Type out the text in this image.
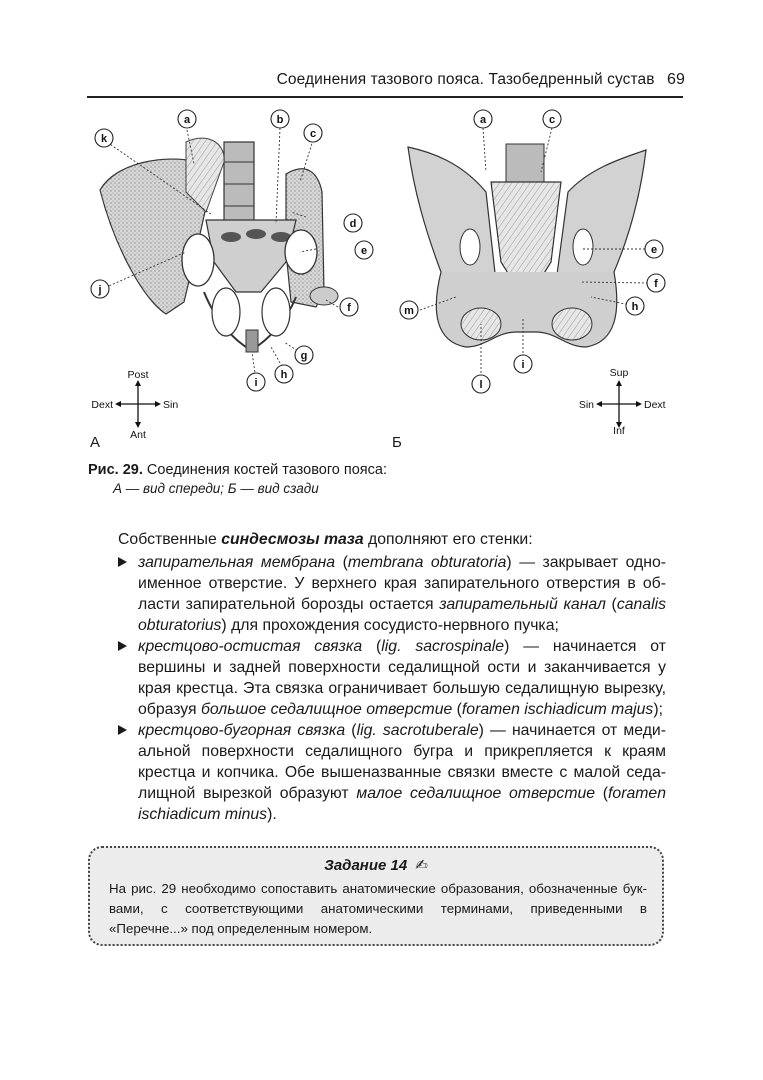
Соединения тазового пояса. Тазобедренный сустав 69
a	b
c
d
e
f
g
h
i
j
k
Post
Ant
Dext	Sin
a	c
e
f
h
m
l
i
Sup
Inf
Sin	Dext
А	Б
Рис. 29. Соединения костей тазового пояса:
А — вид спереди; Б — вид сзади

Собственные синдесмозы таза дополняют его стенки:

запирательная мембрана (membrana obturatoria) — закрывает одноименное отверстие. У верхнего края запирательного отверстия в области запирательной борозды остается запирательный канал (canalis obturatorius) для прохождения сосудисто-нервного пучка;
крестцово-остистая связка (lig. sacrospinale) — начинается от вершины и задней поверхности седалищной ости и заканчивается у края крестца. Эта связка ограничивает большую седалищную вырезку, образуя большое седалищное отверстие (foramen ischiadicum majus);
крестцово-бугорная связка (lig. sacrotuberale) — начинается от медиальной поверхности седалищного бугра и прикрепляется к краям крестца и копчика. Обе вышеназванные связки вместе с малой седалищной вырезкой образуют малое седалищное отверстие (foramen ischiadicum minus).
Задание 14 ✍
На рис. 29 необходимо сопоставить анатомические образования, обозначенные буквами, с соответствующими анатомическими терминами, приведенными в «Перечне...» под определенным номером.
